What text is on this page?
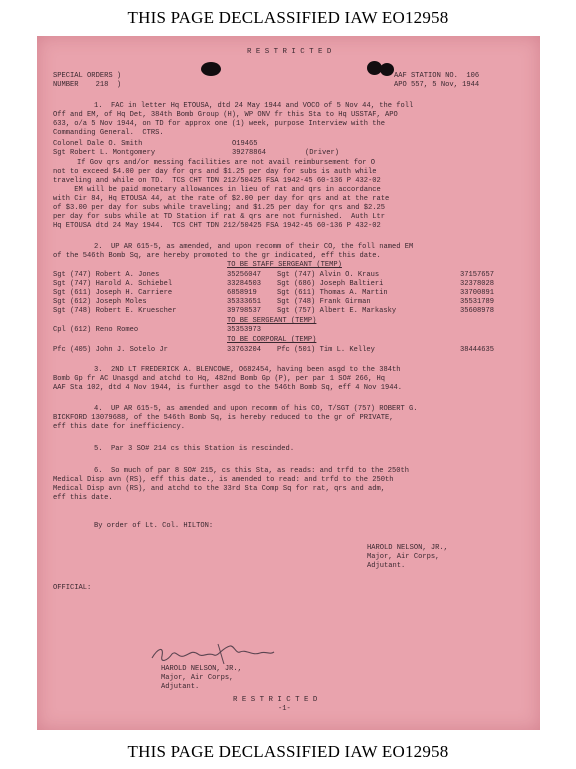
THIS PAGE DECLASSIFIED IAW EO12958
R E S T R I C T E D
SPECIAL ORDERS )
NUMBER    218  )
AAF STATION NO.  106
APO 557, 5 Nov, 1944
1.  FAC in letter Hq ETOUSA, dtd 24 May 1944 and VOCO of 5 Nov 44, the foll
Off and EM, of Hq Det, 384th Bomb Group (H), WP ONV fr this Sta to Hq USSTAF, APO
633, o/a 5 Nov 1944, on TD for approx one (1) week, purpose Interview with the
Commanding General.  CTRS.
Colonel Dale O. Smith	O19465
Sgt Robert L. Montgomery	39278864	(Driver)
If Gov qrs and/or messing facilities are not avail reimbursement for O
not to exceed $4.00 per day for qrs and $1.25 per day for subs is auth while
traveling and while on TD.  TCS CHT TDN 212/50425 FSA 1942-45 60-136 P 432-02
EM will be paid monetary allowances in lieu of rat and qrs in accordance
with Cir 84, Hq ETOUSA 44, at the rate of $2.00 per day for qrs and at the rate
of $3.00 per day for subs while traveling; and $1.25 per day for qrs and $2.25
per day for subs while at TD Station if rat & qrs are not furnished.  Auth Ltr
Hq ETOUSA dtd 24 May 1944.  TCS CHT TDN 212/50425 FSA 1942-45 60-136 P 432-02
2.  UP AR 615-5, as amended, and upon recomm of their CO, the foll named EM
of the 546th Bomb Sq, are hereby promoted to the gr indicated, eff this date.
TO BE STAFF SERGEANT (TEMP)
Sgt (747) Robert A. Jones	35256047 Sgt (747) Alvin O. Kraus	37157657
Sgt (747) Harold A. Schiebel	33284503 Sgt (686) Joseph Baltieri	32378028
Sgt (611) Joseph H. Carriere	6858919	Sgt (611) Thomas A. Martin	33700891
Sgt (612) Joseph Moles	35333651 Sgt (748) Frank Girman	35531789
Sgt (748) Robert E. Kruescher	39798537 Sgt (757) Albert E. Markasky	35608978
TO BE SERGEANT (TEMP)
Cpl (612) Reno Romeo	35353973
TO BE CORPORAL (TEMP)
Pfc (405) John J. Sotelo Jr	33763204 Pfc (501) Tim L. Kelley	38444635
3.  2ND LT FREDERICK A. BLENCOWE, O682454, having been asgd to the 384th
Bomb Gp fr AC Unasgd and atchd to Hq, 482nd Bomb Gp (P), per par 1 SO# 266, Hq
AAF Sta 102, dtd 4 Nov 1944, is further asgd to the 546th Bomb Sq, eff 4 Nov 1944.
4.  UP AR 615-5, as amended and upon recomm of his CO, T/SGT (757) ROBERT G.
BICKFORD 13079688, of the 546th Bomb Sq, is hereby reduced to the gr of PRIVATE,
eff this date for inefficiency.
5.  Par 3 SO# 214 cs this Station is rescinded.
6.  So much of par 8 SO# 215, cs this Sta, as reads: and trfd to the 250th
Medical Disp avn (RS), eff this date., is amended to read: and trfd to the 250th
Medical Disp avn (RS), and atchd to the 33rd Sta Comp Sq for rat, qrs and adm,
eff this date.
By order of Lt. Col. HILTON:
HAROLD NELSON, JR.,
Major, Air Corps,
Adjutant.
OFFICIAL:
HAROLD NELSON, JR.,
Major, Air Corps,
Adjutant.
R E S T R I C T E D
-1-
THIS PAGE DECLASSIFIED IAW EO12958
